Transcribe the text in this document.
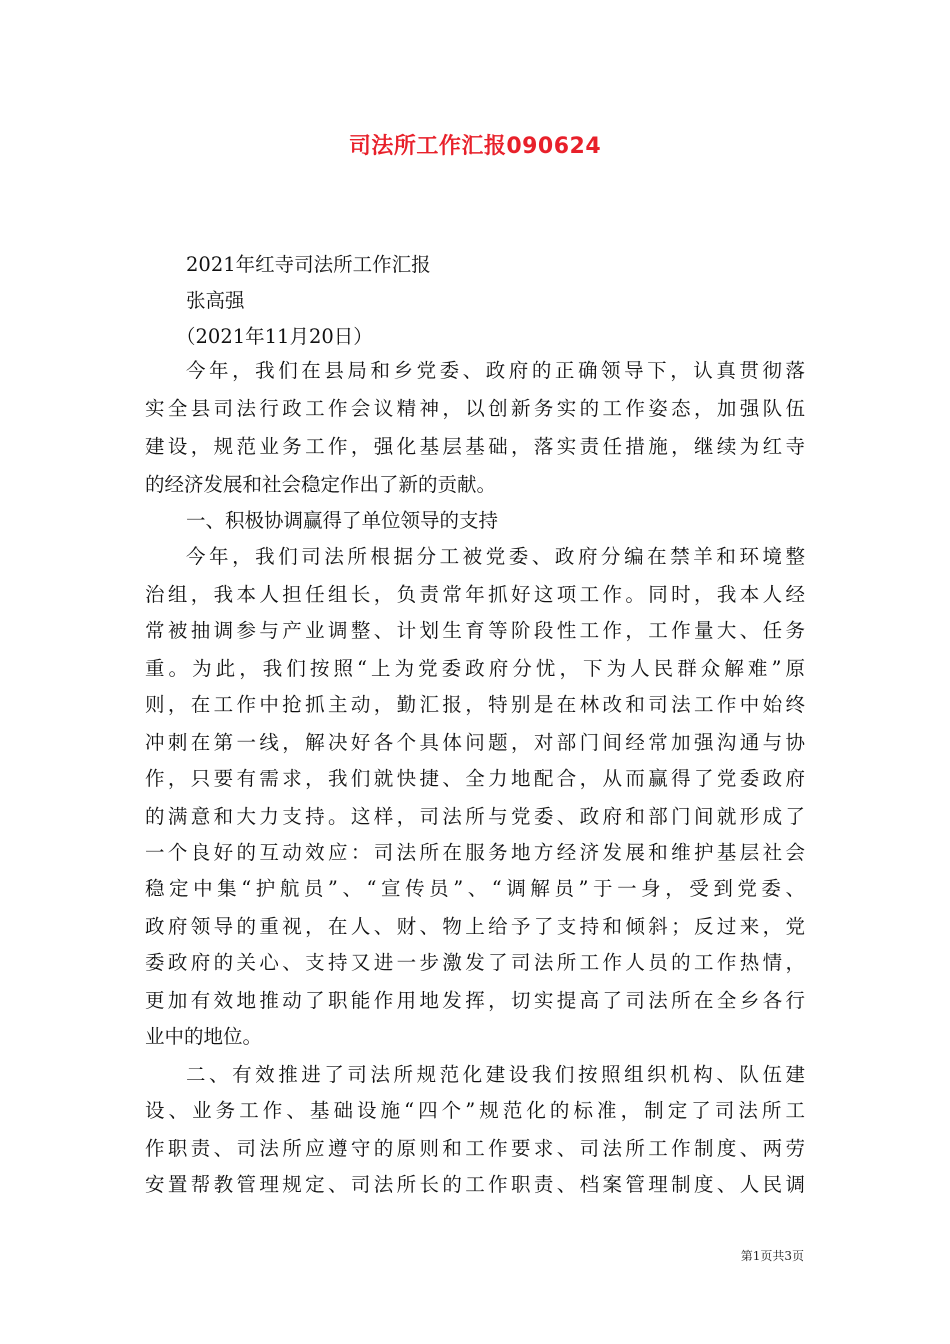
司法所工作汇报090624
2021年红寺司法所工作汇报
张高强
（2021年11月20日）
今年，我们在县局和乡党委、政府的正确领导下，认真贯彻落
实全县司法行政工作会议精神，以创新务实的工作姿态，加强队伍
建设，规范业务工作，强化基层基础，落实责任措施，继续为红寺
的经济发展和社会稳定作出了新的贡献。
一、积极协调赢得了单位领导的支持
今年，我们司法所根据分工被党委、政府分编在禁羊和环境整
治组，我本人担任组长，负责常年抓好这项工作。同时，我本人经
常被抽调参与产业调整、计划生育等阶段性工作，工作量大、任务
重。为此，我们按照“上为党委政府分忧，下为人民群众解难”原
则，在工作中抢抓主动，勤汇报，特别是在林改和司法工作中始终
冲刺在第一线，解决好各个具体问题，对部门间经常加强沟通与协
作，只要有需求，我们就快捷、全力地配合，从而赢得了党委政府
的满意和大力支持。这样，司法所与党委、政府和部门间就形成了
一个良好的互动效应：司法所在服务地方经济发展和维护基层社会
稳定中集“护航员”、“宣传员”、“调解员”于一身，受到党委、
政府领导的重视，在人、财、物上给予了支持和倾斜；反过来，党
委政府的关心、支持又进一步激发了司法所工作人员的工作热情，
更加有效地推动了职能作用地发挥，切实提高了司法所在全乡各行
业中的地位。
二、有效推进了司法所规范化建设我们按照组织机构、队伍建
设、业务工作、基础设施“四个”规范化的标准，制定了司法所工
作职责、司法所应遵守的原则和工作要求、司法所工作制度、两劳
安置帮教管理规定、司法所长的工作职责、档案管理制度、人民调
第1页共3页
